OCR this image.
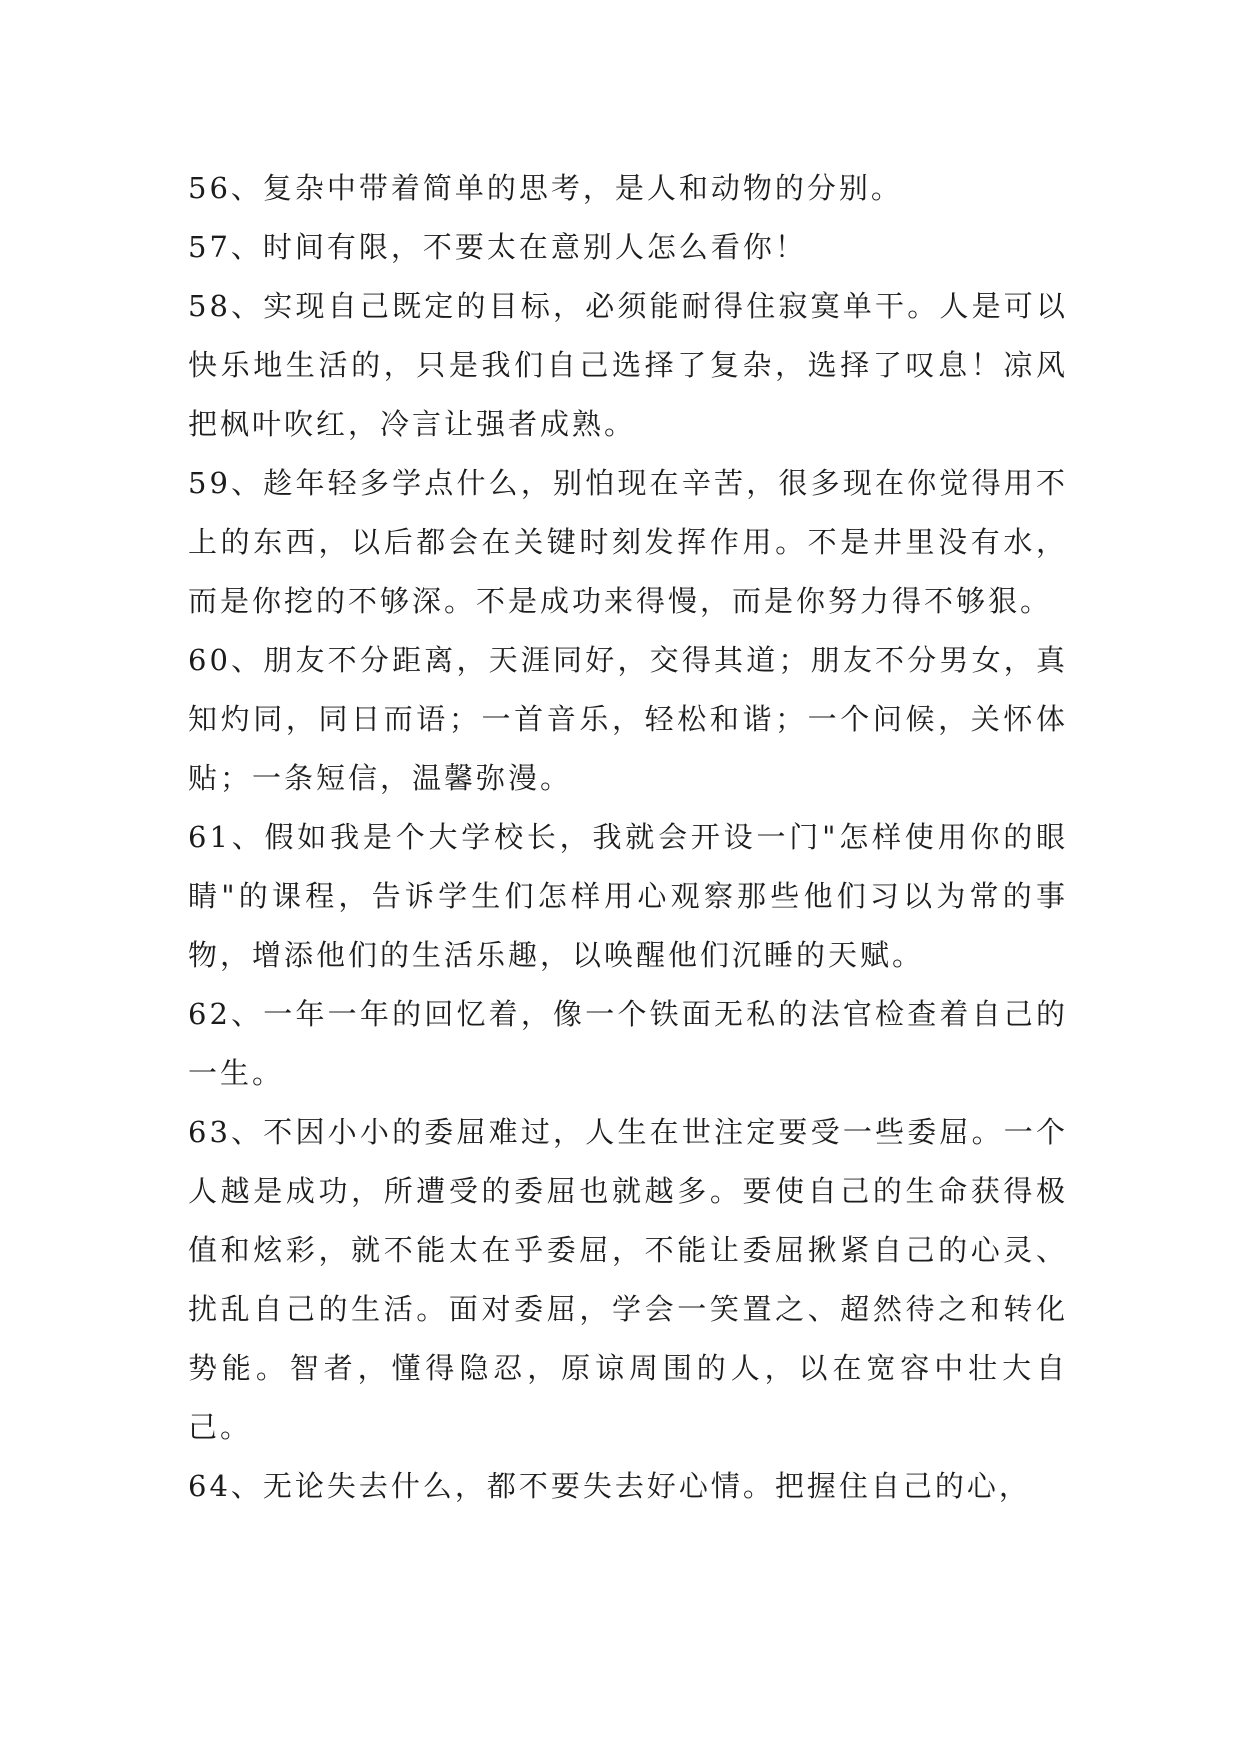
56、复杂中带着简单的思考，是人和动物的分别。

57、时间有限，不要太在意别人怎么看你！

58、实现自己既定的目标，必须能耐得住寂寞单干。人是可以快乐地生活的，只是我们自己选择了复杂，选择了叹息！凉风把枫叶吹红，冷言让强者成熟。

59、趁年轻多学点什么，别怕现在辛苦，很多现在你觉得用不上的东西，以后都会在关键时刻发挥作用。不是井里没有水，而是你挖的不够深。不是成功来得慢，而是你努力得不够狠。

60、朋友不分距离，天涯同好，交得其道；朋友不分男女，真知灼同，同日而语；一首音乐，轻松和谐；一个问候，关怀体贴；一条短信，温馨弥漫。

61、假如我是个大学校长，我就会开设一门"怎样使用你的眼睛"的课程，告诉学生们怎样用心观察那些他们习以为常的事物，增添他们的生活乐趣，以唤醒他们沉睡的天赋。

62、一年一年的回忆着，像一个铁面无私的法官检查着自己的一生。

63、不因小小的委屈难过，人生在世注定要受一些委屈。一个人越是成功，所遭受的委屈也就越多。要使自己的生命获得极值和炫彩，就不能太在乎委屈，不能让委屈揪紧自己的心灵、扰乱自己的生活。面对委屈，学会一笑置之、超然待之和转化势能。智者，懂得隐忍，原谅周围的人，以在宽容中壮大自己。

64、无论失去什么，都不要失去好心情。把握住自己的心，
